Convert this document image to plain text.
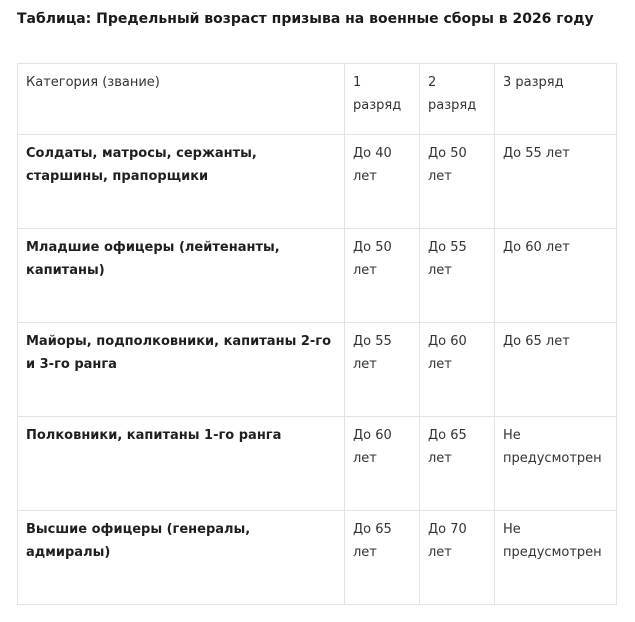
Таблица: Предельный возраст призыва на военные сборы в 2026 году
Категория (звание)	1 разряд	2 разряд	3 разряд
Солдаты, матросы, сержанты, старшины, прапорщики	До 40 лет	До 50 лет	До 55 лет
Младшие офицеры (лейтенанты, капитаны)	До 50 лет	До 55 лет	До 60 лет
Майоры, подполковники, капитаны 2-го и 3-го ранга	До 55 лет	До 60 лет	До 65 лет
Полковники, капитаны 1-го ранга	До 60 лет	До 65 лет	Не предусмотрен
Высшие офицеры (генералы, адмиралы)	До 65 лет	До 70 лет	Не предусмотрен
